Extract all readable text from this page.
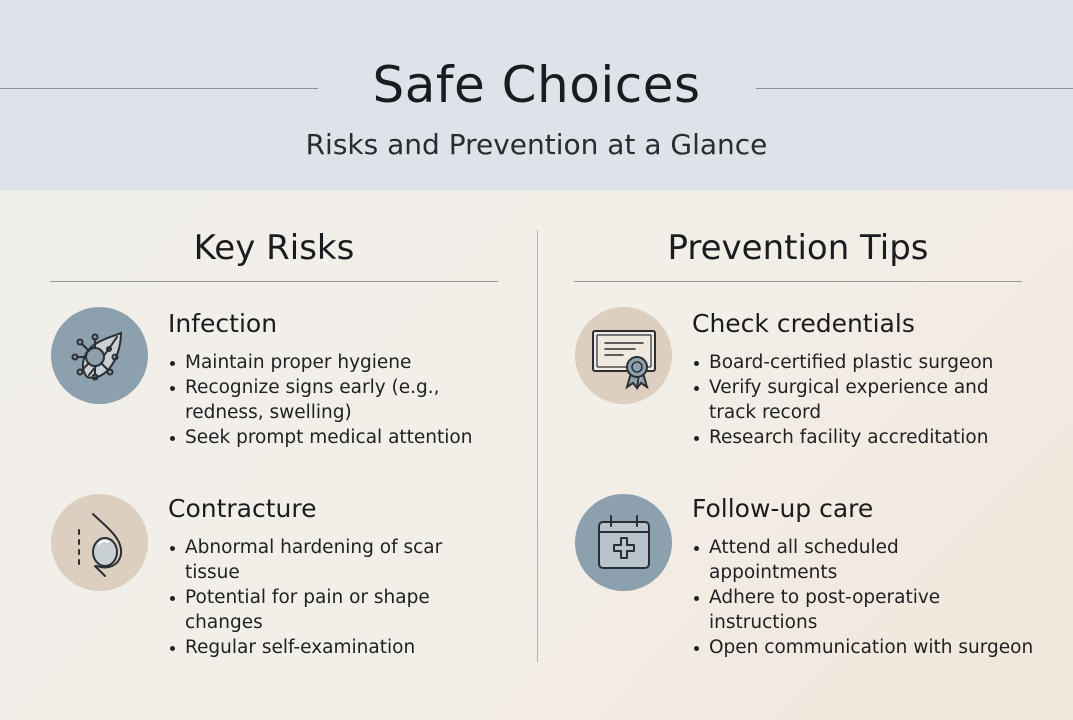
Safe Choices
Risks and Prevention at a Glance
Key Risks
Infection
Maintain proper hygiene
Recognize signs early (e.g., redness, swelling)
Seek prompt medical attention
Contracture
Abnormal hardening of scar tissue
Potential for pain or shape changes
Regular self-examination
Prevention Tips
Check credentials
Board-certified plastic surgeon
Verify surgical experience and track record
Research facility accreditation
Follow-up care
Attend all scheduled appointments
Adhere to post-operative instructions
Open communication with surgeon
